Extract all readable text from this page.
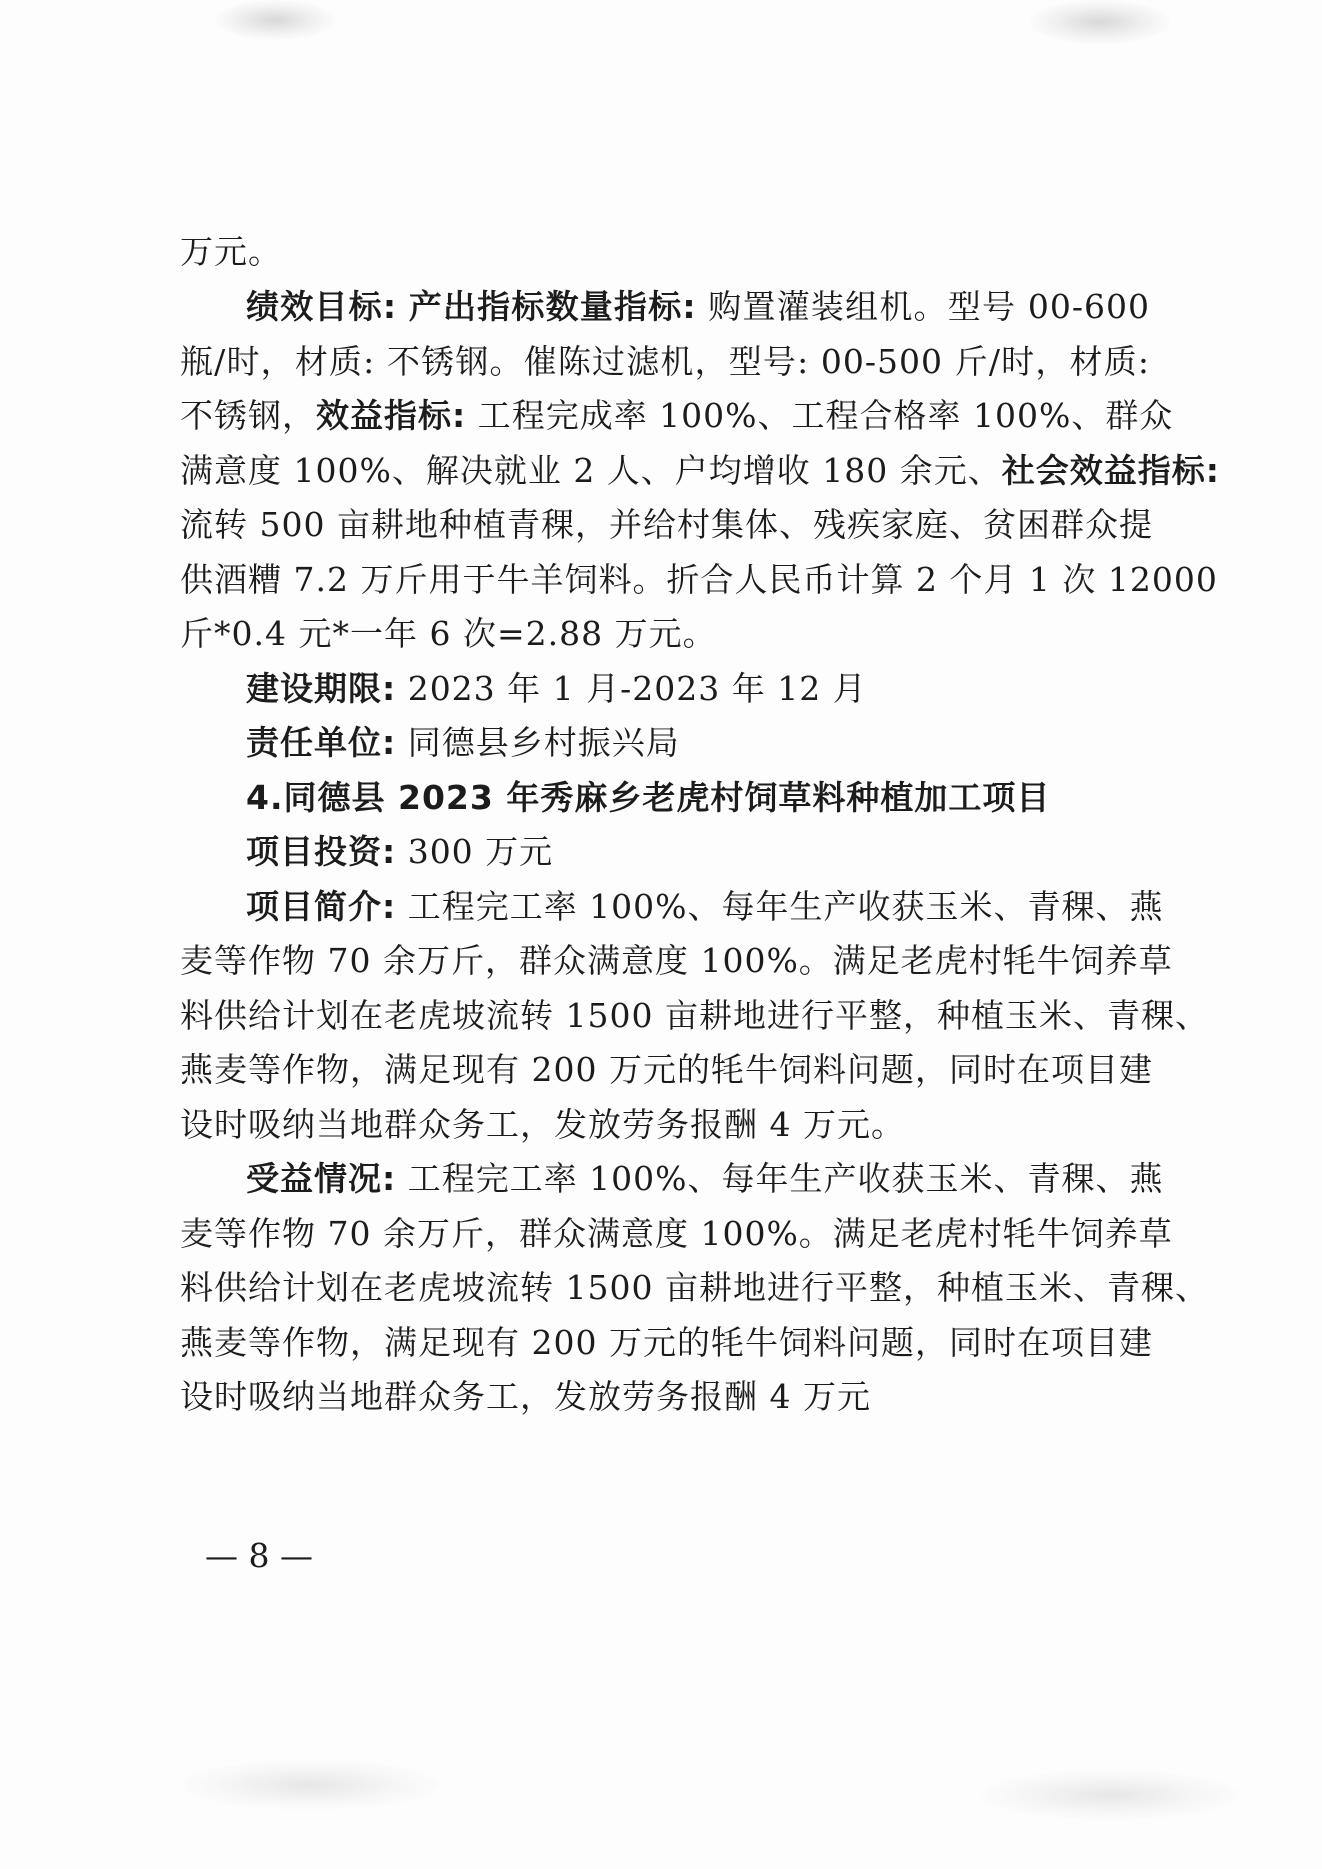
万元。
绩效目标: 产出指标数量指标: 购置灌装组机。型号 00-600
瓶/时，材质: 不锈钢。催陈过滤机，型号: 00-500 斤/时，材质:
不锈钢，效益指标: 工程完成率 100%、工程合格率 100%、群众
满意度 100%、解决就业 2 人、户均增收 180 余元、社会效益指标:
流转 500 亩耕地种植青稞，并给村集体、残疾家庭、贫困群众提
供酒糟 7.2 万斤用于牛羊饲料。折合人民币计算 2 个月 1 次 12000
斤*0.4 元*一年 6 次=2.88 万元。
建设期限: 2023 年 1 月-2023 年 12 月
责任单位: 同德县乡村振兴局
4.同德县 2023 年秀麻乡老虎村饲草料种植加工项目
项目投资: 300 万元
项目简介: 工程完工率 100%、每年生产收获玉米、青稞、燕
麦等作物 70 余万斤，群众满意度 100%。满足老虎村牦牛饲养草
料供给计划在老虎坡流转 1500 亩耕地进行平整，种植玉米、青稞、
燕麦等作物，满足现有 200 万元的牦牛饲料问题，同时在项目建
设时吸纳当地群众务工，发放劳务报酬 4 万元。
受益情况: 工程完工率 100%、每年生产收获玉米、青稞、燕
麦等作物 70 余万斤，群众满意度 100%。满足老虎村牦牛饲养草
料供给计划在老虎坡流转 1500 亩耕地进行平整，种植玉米、青稞、
燕麦等作物，满足现有 200 万元的牦牛饲料问题，同时在项目建
设时吸纳当地群众务工，发放劳务报酬 4 万元
— 8 —
